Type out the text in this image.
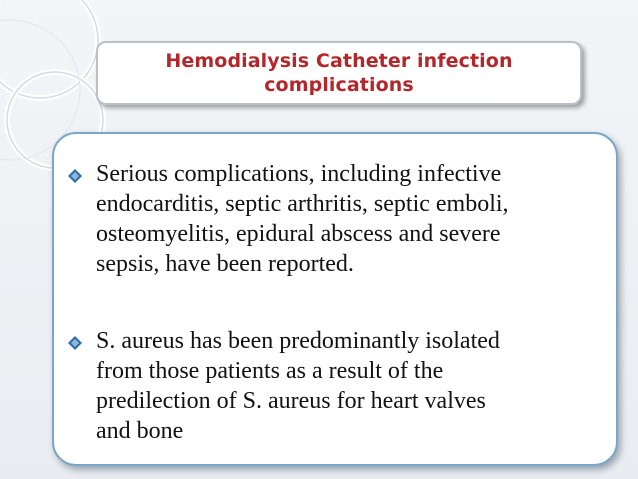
Hemodialysis Catheter infection
complications
Serious complications, including infective
endocarditis, septic arthritis, septic emboli,
osteomyelitis, epidural abscess and severe
sepsis, have been reported.
S. aureus has been predominantly isolated
from those patients as a result of the
predilection of S. aureus for heart valves
and bone
